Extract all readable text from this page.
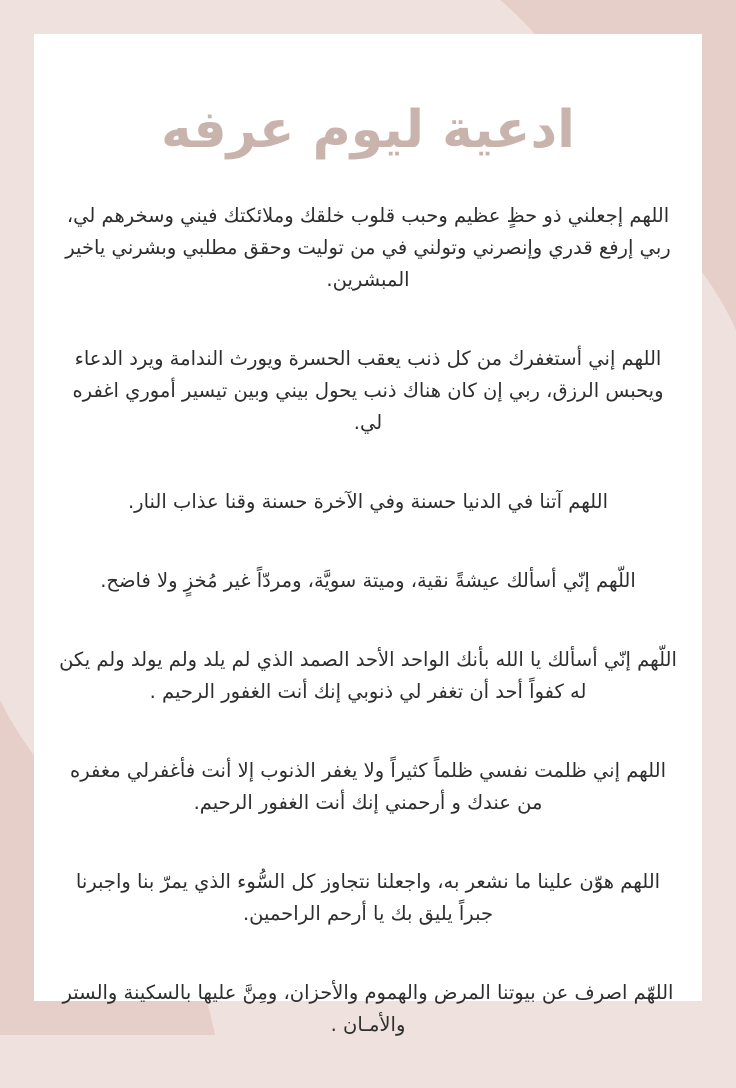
ادعية ليوم عرفه

اللهم إجعلني ذو حظٍ عظيم وحبب قلوب خلقك وملائكتك فيني وسخرهم لي، ربي إرفع قدري وإنصرني وتولني في من توليت وحقق مطلبي وبشرني ياخير المبشرين.

اللهم إني أستغفرك من كل ذنب يعقب الحسرة ويورث الندامة ويرد الدعاء ويحبس الرزق، ربي إن كان هناك ذنب يحول بيني وبين تيسير أموري اغفره لي.

اللهم آتنا في الدنيا حسنة وفي الآخرة حسنة وقنا عذاب النار.

اللّهم إنّي أسألك عيشةً نقية، وميتة سويَّة، ومردّاً غير مُخزٍ ولا فاضح.

اللّهم إنّي أسألك يا الله بأنك الواحد الأحد الصمد الذي لم يلد ولم يولد ولم يكن له كفواً أحد أن تغفر لي ذنوبي إنك أنت الغفور الرحيم .

اللهم إني ظلمت نفسي ظلماً كثيراً ولا يغفر الذنوب إلا أنت فأغفرلي مغفره من عندك و أرحمني إنك أنت الغفور الرحيم.

اللهم هوّن علينا ما نشعر به، واجعلنا نتجاوز كل السُّوء الذي يمرّ بنا واجبرنا جبراً يليق بك يا أرحم الراحمين.

اللهّم اصرف عن بيوتنا المرض والهموم والأحزان، ومِنَّ عليها بالسكينة والستر والأمـان .
